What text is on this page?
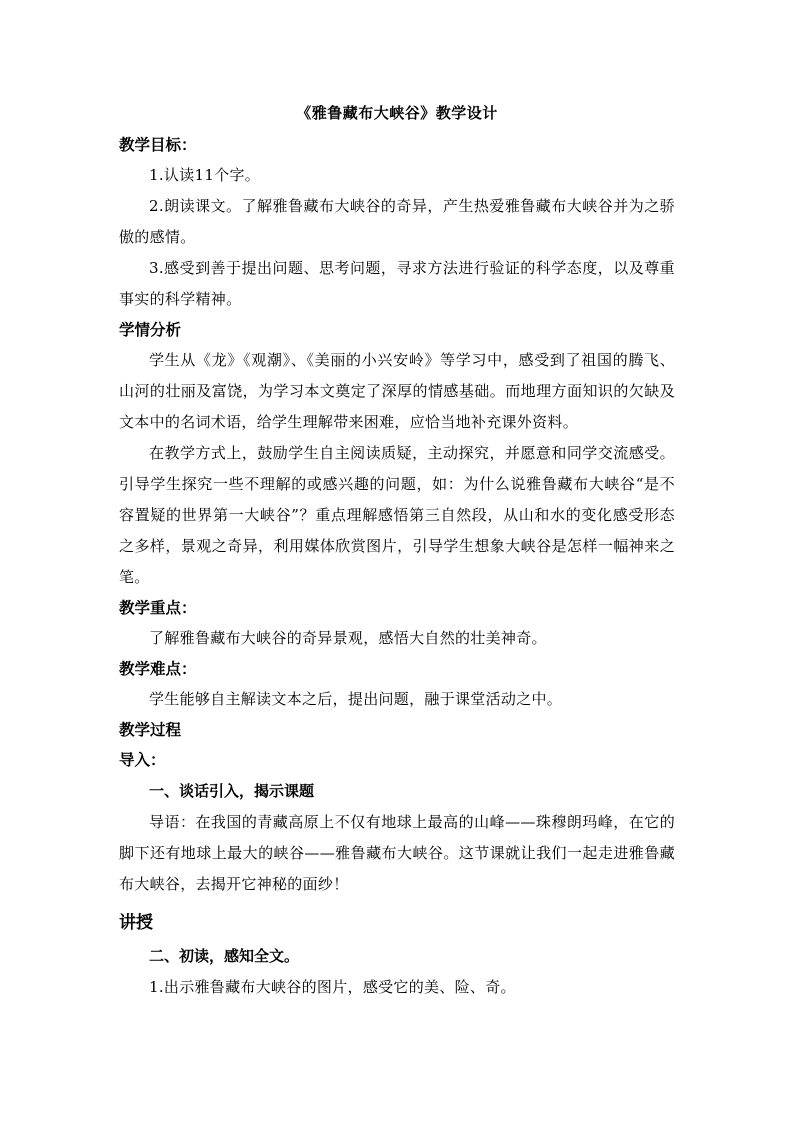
《雅鲁藏布大峡谷》教学设计
教学目标：

1.认读11个字。

2.朗读课文。了解雅鲁藏布大峡谷的奇异，产生热爱雅鲁藏布大峡谷并为之骄傲的感情。

3.感受到善于提出问题、思考问题，寻求方法进行验证的科学态度，以及尊重事实的科学精神。

学情分析

学生从《龙》《观潮》、《美丽的小兴安岭》等学习中，感受到了祖国的腾飞、山河的壮丽及富饶，为学习本文奠定了深厚的情感基础。而地理方面知识的欠缺及文本中的名词术语，给学生理解带来困难，应恰当地补充课外资料。

在教学方式上，鼓励学生自主阅读质疑，主动探究，并愿意和同学交流感受。引导学生探究一些不理解的或感兴趣的问题，如：为什么说雅鲁藏布大峡谷“是不容置疑的世界第一大峡谷”？重点理解感悟第三自然段，从山和水的变化感受形态之多样，景观之奇异，利用媒体欣赏图片，引导学生想象大峡谷是怎样一幅神来之笔。

教学重点：

了解雅鲁藏布大峡谷的奇异景观，感悟大自然的壮美神奇。

教学难点：

学生能够自主解读文本之后，提出问题，融于课堂活动之中。

教学过程
导入：
一、谈话引入，揭示课题

导语：在我国的青藏高原上不仅有地球上最高的山峰——珠穆朗玛峰，在它的脚下还有地球上最大的峡谷——雅鲁藏布大峡谷。这节课就让我们一起走进雅鲁藏布大峡谷，去揭开它神秘的面纱！

讲授
二、初读，感知全文。

1.出示雅鲁藏布大峡谷的图片，感受它的美、险、奇。
